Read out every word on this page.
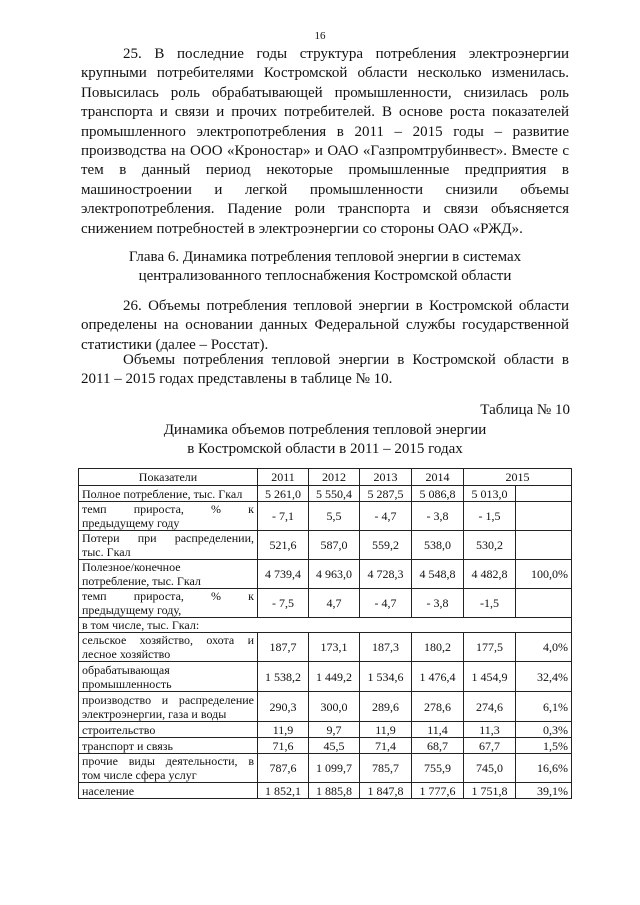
16

25. В последние годы структура потребления электроэнергии
крупными потребителями Костромской области несколько изменилась.
Повысилась роль обрабатывающей промышленности, снизилась роль
транспорта и связи и прочих потребителей. В основе роста показателей
промышленного электропотребления в 2011 – 2015 годы – развитие
производства на ООО «Кроностар» и ОАО «Газпромтрубинвест». Вместе с
тем в данный период некоторые промышленные предприятия в
машиностроении и легкой промышленности снизили объемы
электропотребления. Падение роли транспорта и связи объясняется
снижением потребностей в электроэнергии со стороны ОАО «РЖД».

Глава 6. Динамика потребления тепловой энергии в системах
централизованного теплоснабжения Костромской области

26. Объемы потребления тепловой энергии в Костромской области
определены на основании данных Федеральной службы государственной
статистики (далее – Росстат).

Объемы потребления тепловой энергии в Костромской области в
2011 – 2015 годах представлены в таблице № 10.

Таблица № 10
Динамика объемов потребления тепловой энергии
в Костромской области в 2011 – 2015 годах
Показатели	2011	2012	2013	2014	2015	

Полное потребление, тыс. Гкал	5 261,0	5 550,4	5 287,5	5 086,8	5 013,0	

темп прироста, % к
предыдущему году	- 7,1	5,5	- 4,7	- 3,8	- 1,5	

Потери при распределении,
тыс. Гкал	521,6	587,0	559,2	538,0	530,2	

Полезное/конечное
потребление, тыс. Гкал	4 739,4	4 963,0	4 728,3	4 548,8	4 482,8	100,0%

темп прироста, % к
предыдущему году,	- 7,5	4,7	- 4,7	- 3,8	-1,5	

в том числе, тыс. Гкал:						

сельское хозяйство, охота и
лесное хозяйство	187,7	173,1	187,3	180,2	177,5	4,0%

обрабатывающая
промышленность	1 538,2	1 449,2	1 534,6	1 476,4	1 454,9	32,4%

производство и распределение
электроэнергии, газа и воды	290,3	300,0	289,6	278,6	274,6	6,1%

строительство	11,9	9,7	11,9	11,4	11,3	0,3%

транспорт и связь	71,6	45,5	71,4	68,7	67,7	1,5%

прочие виды деятельности, в
том числе сфера услуг	787,6	1 099,7	785,7	755,9	745,0	16,6%

население	1 852,1	1 885,8	1 847,8	1 777,6	1 751,8	39,1%
